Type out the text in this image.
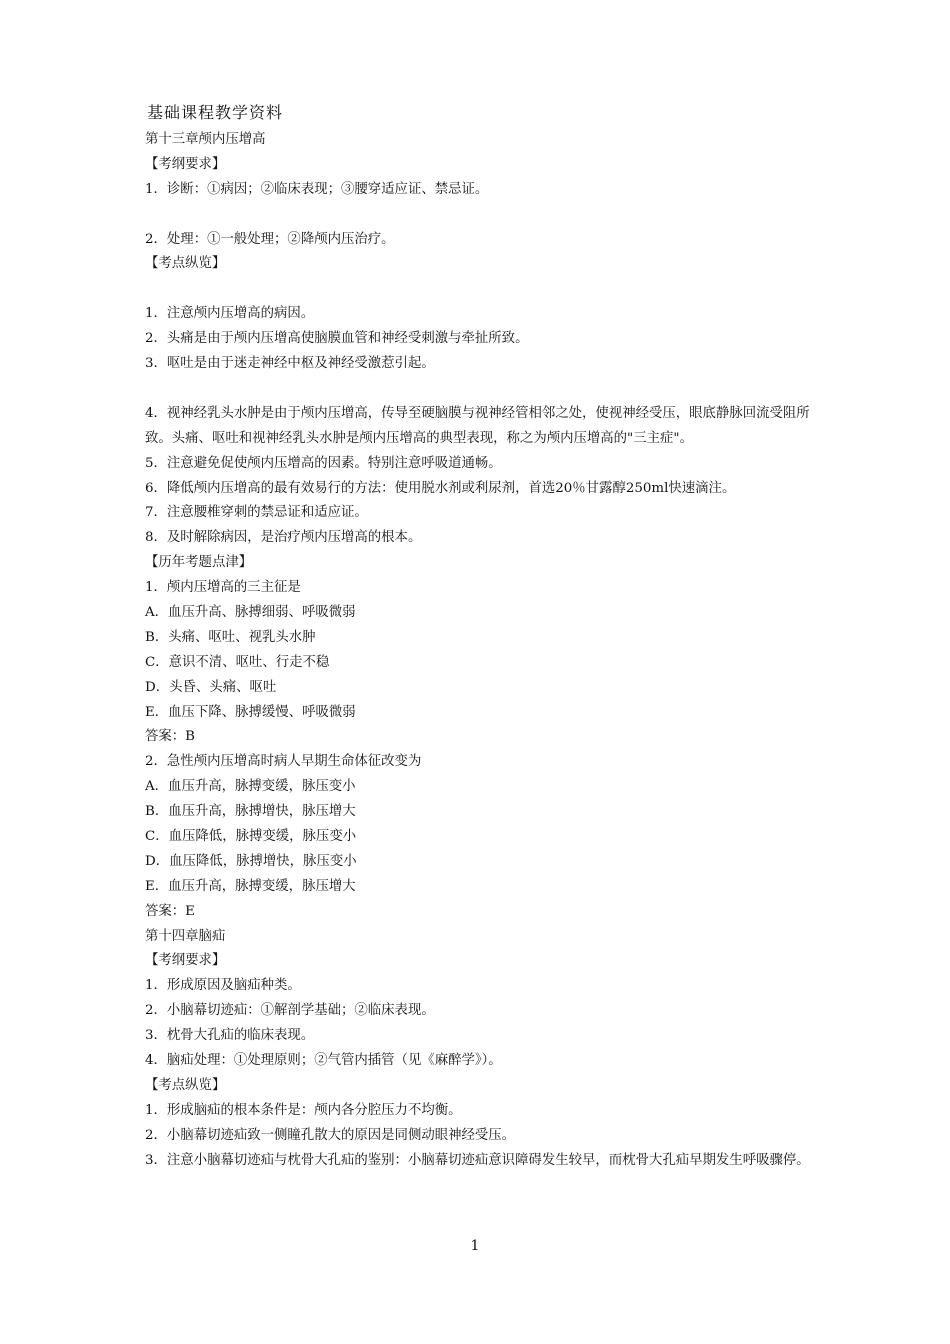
基础课程教学资料
第十三章颅内压增高
【考纲要求】
1．诊断：①病因；②临床表现；③腰穿适应证、禁忌证。
2．处理：①一般处理；②降颅内压治疗。
【考点纵览】
1．注意颅内压增高的病因。
2．头痛是由于颅内压增高使脑膜血管和神经受刺激与牵扯所致。
3．呕吐是由于迷走神经中枢及神经受激惹引起。
4．视神经乳头水肿是由于颅内压增高，传导至硬脑膜与视神经管相邻之处，使视神经受压，眼底静脉回流受阻所致。头痛、呕吐和视神经乳头水肿是颅内压增高的典型表现，称之为颅内压增高的"三主症"。
5．注意避免促使颅内压增高的因素。特别注意呼吸道通畅。
6．降低颅内压增高的最有效易行的方法：使用脱水剂或利尿剂，首选20％甘露醇250ml快速滴注。
7．注意腰椎穿刺的禁忌证和适应证。
8．及时解除病因，是治疗颅内压增高的根本。
【历年考题点津】
1．颅内压增高的三主征是
A．血压升高、脉搏细弱、呼吸微弱
B．头痛、呕吐、视乳头水肿
C．意识不清、呕吐、行走不稳
D．头昏、头痛、呕吐
E．血压下降、脉搏缓慢、呼吸微弱
答案：B
2．急性颅内压增高时病人早期生命体征改变为
A．血压升高，脉搏变缓，脉压变小
B．血压升高，脉搏增快，脉压增大
C．血压降低，脉搏变缓，脉压变小
D．血压降低，脉搏增快，脉压变小
E．血压升高，脉搏变缓，脉压增大
答案：E
第十四章脑疝
【考纲要求】
1．形成原因及脑疝种类。
2．小脑幕切迹疝：①解剖学基础；②临床表现。
3．枕骨大孔疝的临床表现。
4．脑疝处理：①处理原则；②气管内插管（见《麻醉学》）。
【考点纵览】
1．形成脑疝的根本条件是：颅内各分腔压力不均衡。
2．小脑幕切迹疝致一侧瞳孔散大的原因是同侧动眼神经受压。
3．注意小脑幕切迹疝与枕骨大孔疝的鉴别：小脑幕切迹疝意识障碍发生较早，而枕骨大孔疝早期发生呼吸骤停。
1
